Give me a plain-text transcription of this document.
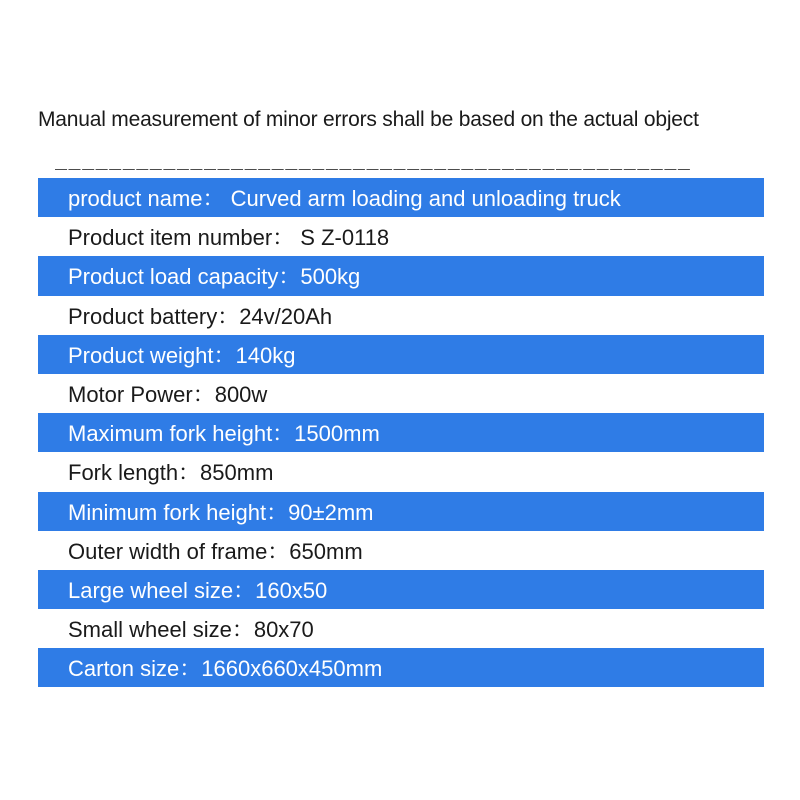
Manual measurement of minor errors shall be based on the actual object
_______________________________________________
product name： Curved arm loading and unloading truck
Product item number： S Z-0118
Product load capacity：500kg
Product battery：24v/20Ah
Product weight：140kg
Motor Power：800w
Maximum fork height：1500mm
Fork length：850mm
Minimum fork height：90±2mm
Outer width of frame：650mm
Large wheel size：160x50
Small wheel size：80x70
Carton size：1660x660x450mm
